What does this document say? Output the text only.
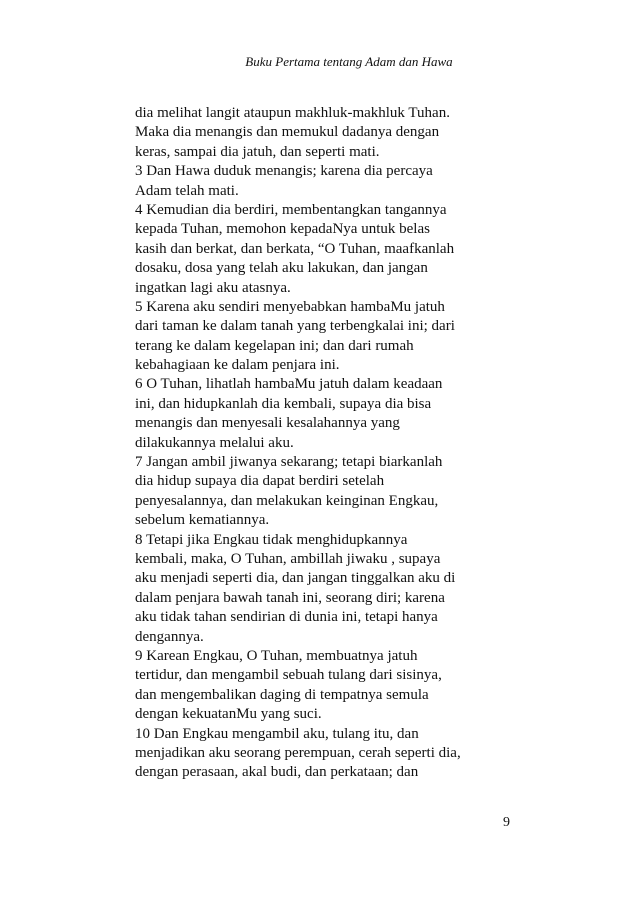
Buku Pertama tentang Adam dan Hawa

dia melihat langit ataupun makhluk-makhluk Tuhan.
Maka dia menangis dan memukul dadanya dengan
keras, sampai dia jatuh, dan seperti mati.
3 Dan Hawa duduk menangis; karena dia percaya
Adam telah mati.
4 Kemudian dia berdiri, membentangkan tangannya
kepada Tuhan, memohon kepadaNya untuk belas
kasih dan berkat, dan berkata, “O Tuhan, maafkanlah
dosaku, dosa yang telah aku lakukan, dan jangan
ingatkan lagi aku atasnya.
5 Karena aku sendiri menyebabkan hambaMu jatuh
dari taman ke dalam tanah yang terbengkalai ini; dari
terang ke dalam kegelapan ini; dan dari rumah
kebahagiaan ke dalam penjara ini.
6 O Tuhan, lihatlah hambaMu jatuh dalam keadaan
ini, dan hidupkanlah dia kembali, supaya dia bisa
menangis dan menyesali kesalahannya yang
dilakukannya melalui aku.
7 Jangan ambil jiwanya sekarang; tetapi biarkanlah
dia hidup supaya dia dapat berdiri setelah
penyesalannya, dan melakukan keinginan Engkau,
sebelum kematiannya.
8 Tetapi jika Engkau tidak menghidupkannya
kembali, maka, O Tuhan, ambillah jiwaku , supaya
aku menjadi seperti dia, dan jangan tinggalkan aku di
dalam penjara bawah tanah ini, seorang diri; karena
aku tidak tahan sendirian di dunia ini, tetapi hanya
dengannya.
9 Karean Engkau, O Tuhan, membuatnya jatuh
tertidur, dan mengambil sebuah tulang dari sisinya,
dan mengembalikan daging di tempatnya semula
dengan kekuatanMu yang suci.
10 Dan Engkau mengambil aku, tulang itu, dan
menjadikan aku seorang perempuan, cerah seperti dia,
dengan perasaan, akal budi, dan perkataan; dan
9
